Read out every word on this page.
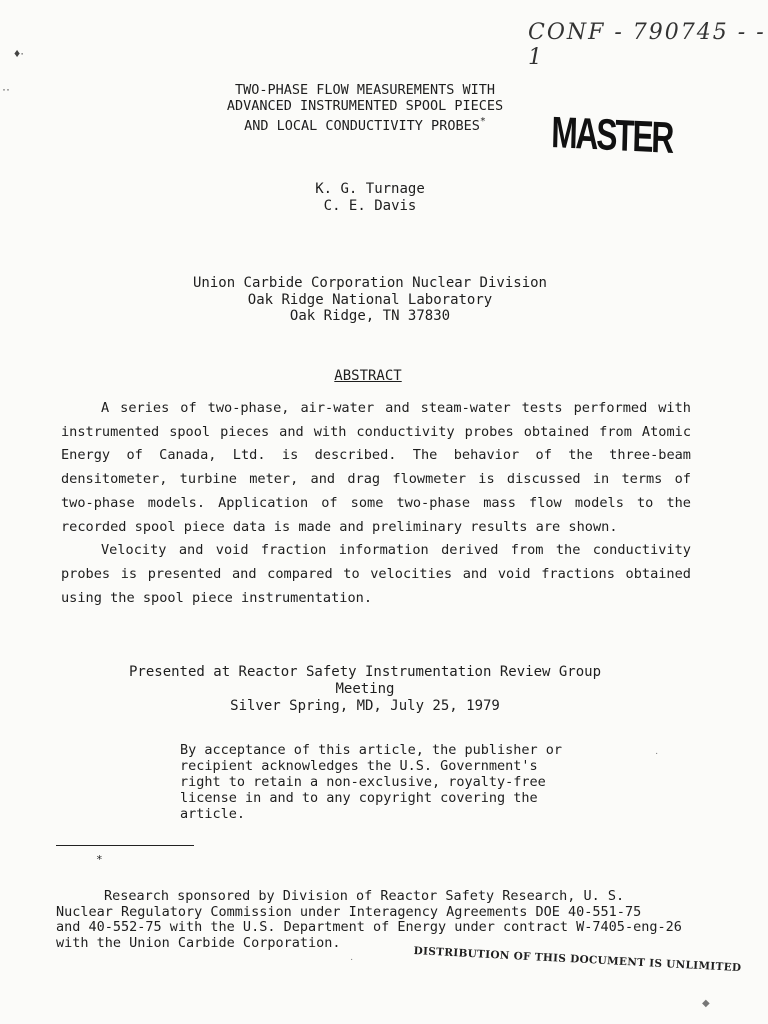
CONF - 790745 - - 1
♦·
··	TWO-PHASE FLOW MEASUREMENTS WITH
ADVANCED INSTRUMENTED SPOOL PIECES
AND LOCAL CONDUCTIVITY PROBES*	MASTER
K. G. Turnage
C. E. Davis
Union Carbide Corporation Nuclear Division
Oak Ridge National Laboratory
Oak Ridge, TN 37830
ABSTRACT

A series of two-phase, air-water and steam-water tests performed with instrumented spool pieces and with conductivity probes obtained from Atomic Energy of Canada, Ltd. is described. The behavior of the three-beam densitometer, turbine meter, and drag flowmeter is discussed in terms of two-phase models. Application of some two-phase mass flow models to the recorded spool piece data is made and preliminary results are shown.

Velocity and void fraction information derived from the conductivity probes is presented and compared to velocities and void fractions obtained using the spool piece instrumentation.

Presented at Reactor Safety Instrumentation Review Group Meeting
Silver Spring, MD, July 25, 1979
By acceptance of this article, the publisher or
recipient acknowledges the U.S. Government's
right to retain a non-exclusive, royalty-free
license in and to any copyright covering the
article.
·

*

Research sponsored by Division of Reactor Safety Research, U. S.
Nuclear Regulatory Commission under Interagency Agreements DOE 40-551-75
and 40-552-75 with the U.S. Department of Energy under contract W-7405-eng-26
with the Union Carbide Corporation.

·	DISTRIBUTION OF THIS DOCUMENT IS UNLIMITED
◆
